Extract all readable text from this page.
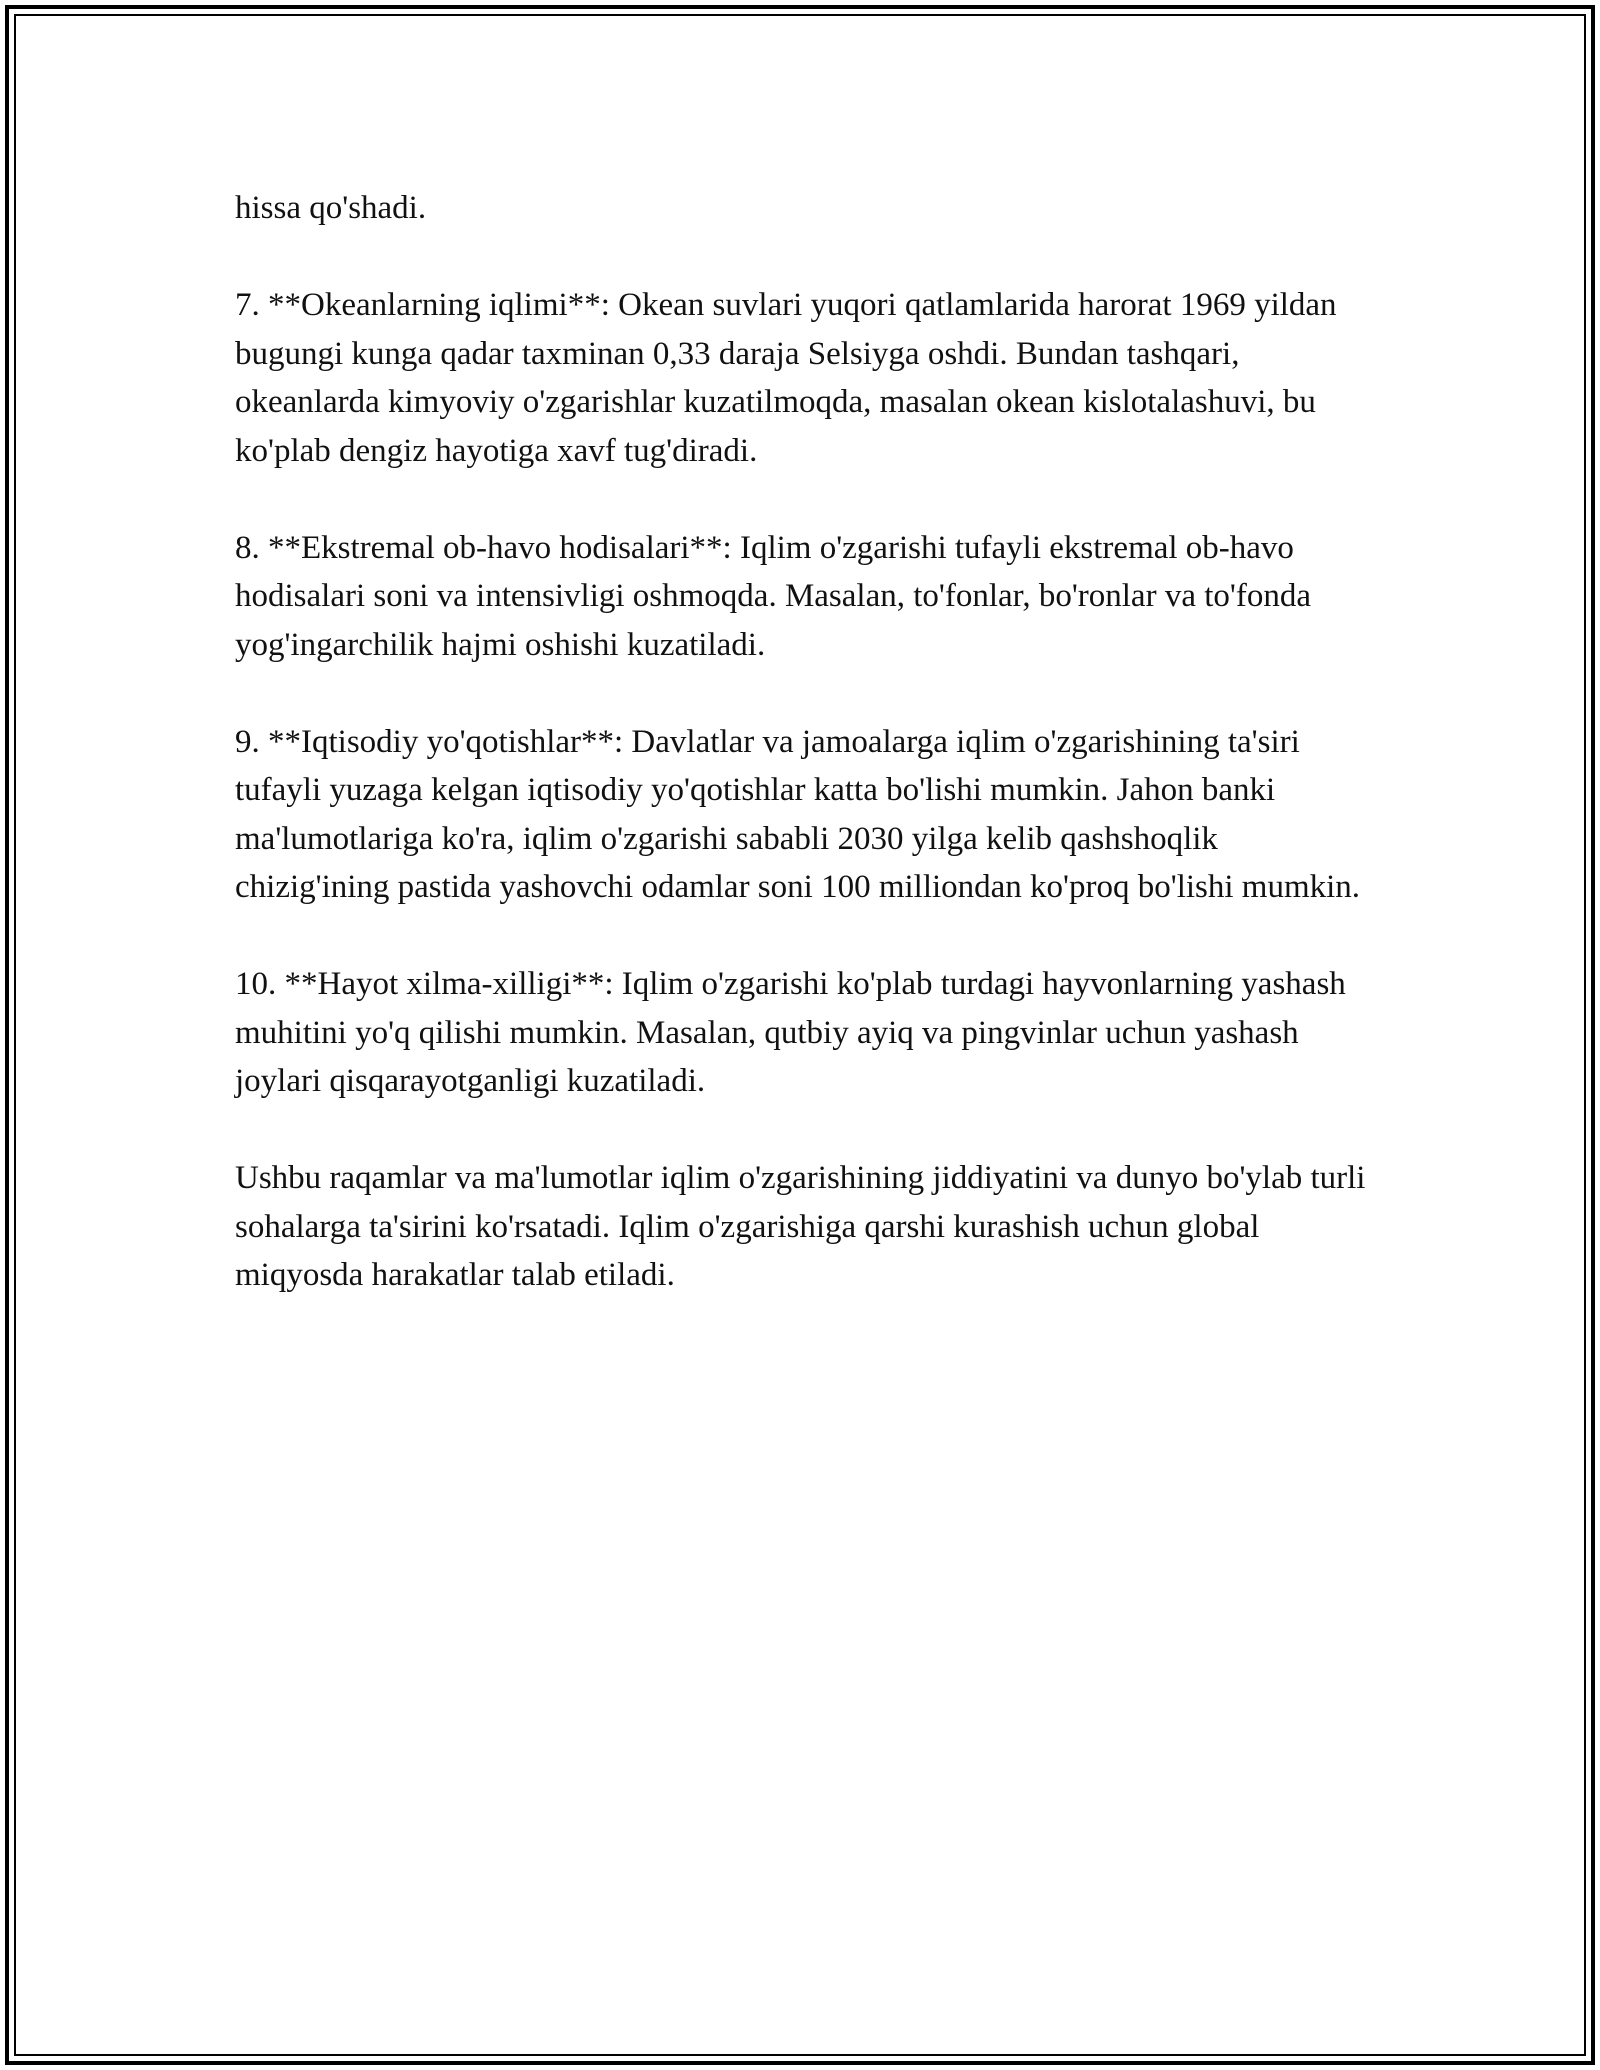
hissa qo'shadi.

7. **Okeanlarning iqlimi**: Okean suvlari yuqori qatlamlarida harorat 1969 yildan bugungi kunga qadar taxminan 0,33 daraja Selsiyga oshdi. Bundan tashqari, okeanlarda kimyoviy o'zgarishlar kuzatilmoqda, masalan okean kislotalashuvi, bu ko'plab dengiz hayotiga xavf tug'diradi.

8. **Ekstremal ob-havo hodisalari**: Iqlim o'zgarishi tufayli ekstremal ob-havo hodisalari soni va intensivligi oshmoqda. Masalan, to'fonlar, bo'ronlar va to'fonda yog'ingarchilik hajmi oshishi kuzatiladi.

9. **Iqtisodiy yo'qotishlar**: Davlatlar va jamoalarga iqlim o'zgarishining ta'siri tufayli yuzaga kelgan iqtisodiy yo'qotishlar katta bo'lishi mumkin. Jahon banki ma'lumotlariga ko'ra, iqlim o'zgarishi sababli 2030 yilga kelib qashshoqlik chizig'ining pastida yashovchi odamlar soni 100 milliondan ko'proq bo'lishi mumkin.

10. **Hayot xilma-xilligi**: Iqlim o'zgarishi ko'plab turdagi hayvonlarning yashash muhitini yo'q qilishi mumkin. Masalan, qutbiy ayiq va pingvinlar uchun yashash joylari qisqarayotganligi kuzatiladi.

Ushbu raqamlar va ma'lumotlar iqlim o'zgarishining jiddiyatini va dunyo bo'ylab turli sohalarga ta'sirini ko'rsatadi. Iqlim o'zgarishiga qarshi kurashish uchun global miqyosda harakatlar talab etiladi.
